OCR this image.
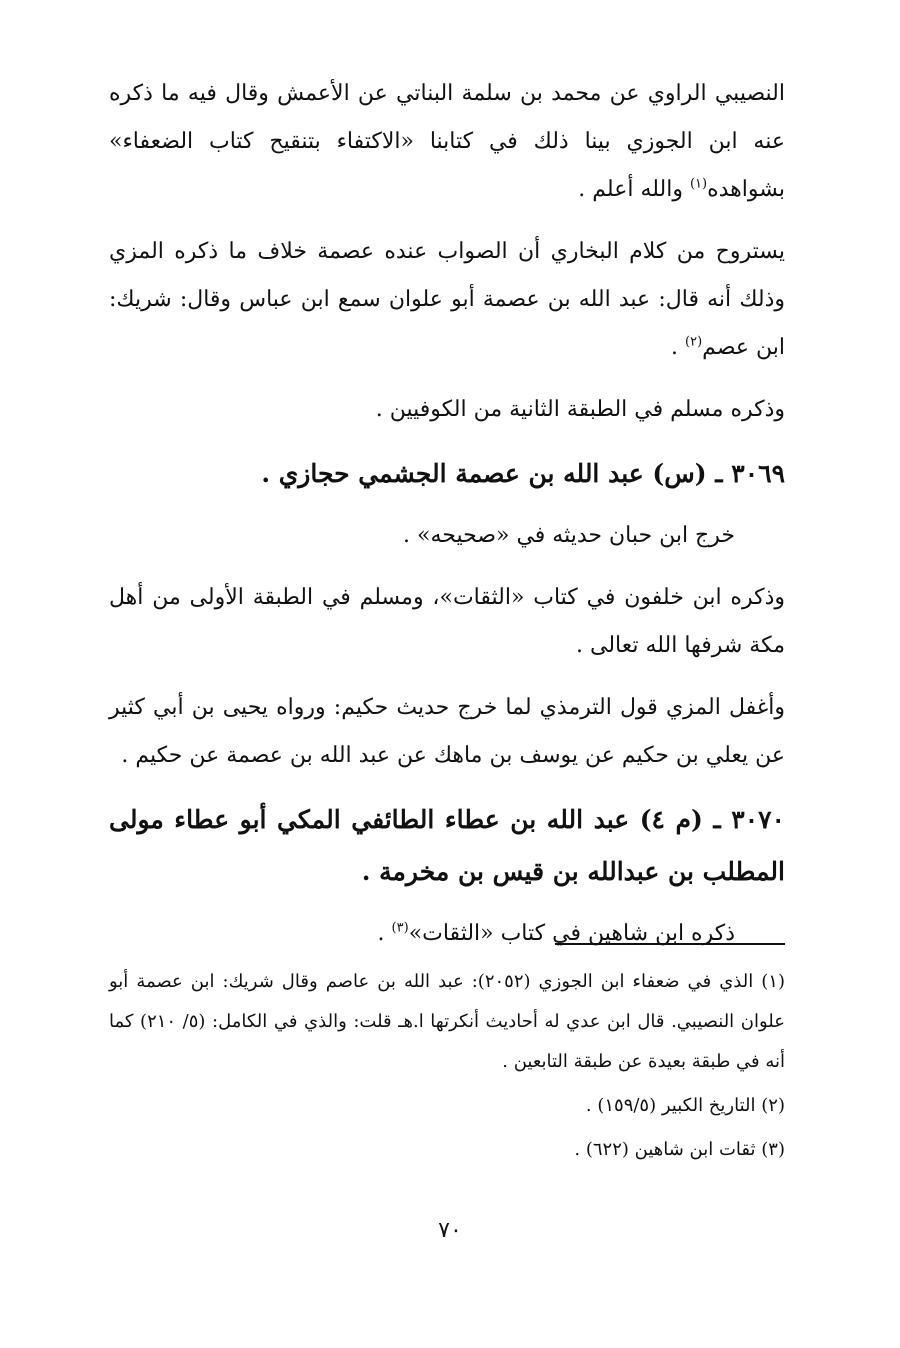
النصيبي الراوي عن محمد بن سلمة البناتي عن الأعمش وقال فيه ما ذكره عنه ابن الجوزي بينا ذلك في كتابنا «الاكتفاء بتنقيح كتاب الضعفاء» بشواهده$^{(١)}$ والله أعلم .

يستروح من كلام البخاري أن الصواب عنده عصمة خلاف ما ذكره المزي وذلك أنه قال: عبد الله بن عصمة أبو علوان سمع ابن عباس وقال: شريك: ابن عصم$^{(٢)}$ .

وذكره مسلم في الطبقة الثانية من الكوفيين .

٣٠٦٩ ـ (س) عبد الله بن عصمة الجشمي حجازي .

خرج ابن حبان حديثه في «صحيحه» .

وذكره ابن خلفون في كتاب «الثقات»، ومسلم في الطبقة الأولى من أهل مكة شرفها الله تعالى .

وأغفل المزي قول الترمذي لما خرج حديث حكيم: ورواه يحيى بن أبي كثير عن يعلي بن حكيم عن يوسف بن ماهك عن عبد الله بن عصمة عن حكيم .

٣٠٧٠ ـ (م ٤) عبد الله بن عطاء الطائفي المكي أبو عطاء مولى المطلب بن عبدالله بن قيس بن مخرمة .

ذكره ابن شاهين في كتاب «الثقات»$^{(٣)}$ .

(١) الذي في ضعفاء ابن الجوزي (٢٠٥٢): عبد الله بن عاصم وقال شريك: ابن عصمة أبو علوان النصيبي. قال ابن عدي له أحاديث أنكرتها ا.هـ قلت: والذي في الكامل: (٥/ ٢١٠) كما أنه في طبقة بعيدة عن طبقة التابعين .

(٢) التاريخ الكبير (١٥٩/٥) .

(٣) ثقات ابن شاهين (٦٢٢) .

٧٠
